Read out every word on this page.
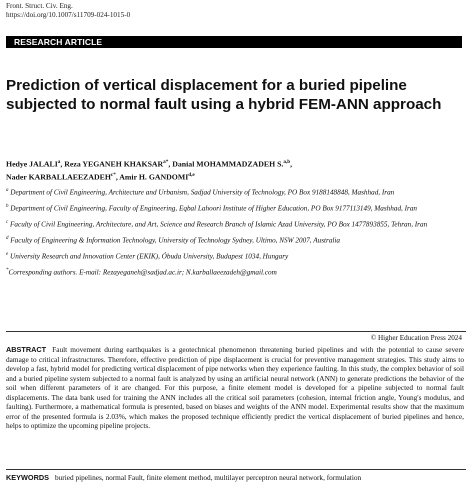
Front. Struct. Civ. Eng.
https://doi.org/10.1007/s11709-024-1015-0
RESEARCH ARTICLE
Prediction of vertical displacement for a buried pipeline subjected to normal fault using a hybrid FEM-ANN approach
Hedye JALALI$^a$, Reza YEGANEH $KHAKSAR^{a*}$, Danial MOHAMMADZADEH S.$^{a,b}$,
Nader $KARBALLAEEZADEH^{c*}$, Amir H. GANDOMI$^{d,e}$

$^a$ Department of Civil Engineering, Architecture and Urbanism, Sadjad University of Technology, PO Box 9188148848, Mashhad, Iran

$^b$ Department of Civil Engineering, Faculty of Engineering, Eqbal Lahoori Institute of Higher Education, PO Box 9177113149, Mashhad, Iran

$^c$ Faculty of Civil Engineering, Architecture, and Art, Science and Research Branch of Islamic Azad University, PO Box 1477893855, Tehran, Iran

$^d$ Faculty of Engineering & Information Technology, University of Technology Sydney, Ultimo, NSW 2007, Australia

$^e$ University Research and Innovation Center (EKIK), Óbuda University, Budapest 1034, Hungary

*Corresponding authors. E-mail: Rezayeganeh@sadjad.ac.ir; N.karballaeezadeh@gmail.com

© Higher Education Press 2024
ABSTRACT Fault movement during earthquakes is a geotechnical phenomenon threatening buried pipelines and with the potential to cause severe damage to critical infrastructures. Therefore, effective prediction of pipe displacement is crucial for preventive management strategies. This study aims to develop a fast, hybrid model for predicting vertical displacement of pipe networks when they experience faulting. In this study, the complex behavior of soil and a buried pipeline system subjected to a normal fault is analyzed by using an artificial neural network (ANN) to generate predictions the behavior of the soil when different parameters of it are changed. For this purpose, a finite element model is developed for a pipeline subjected to normal fault displacements. The data bank used for training the ANN includes all the critical soil parameters (cohesion, internal friction angle, Young's modulus, and faulting). Furthermore, a mathematical formula is presented, based on biases and weights of the ANN model. Experimental results show that the maximum error of the presented formula is 2.03%, which makes the proposed technique efficiently predict the vertical displacement of buried pipelines and hence, helps to optimize the upcoming pipeline projects.
KEYWORDS buried pipelines, normal Fault, finite element method, multilayer perceptron neural network, formulation
